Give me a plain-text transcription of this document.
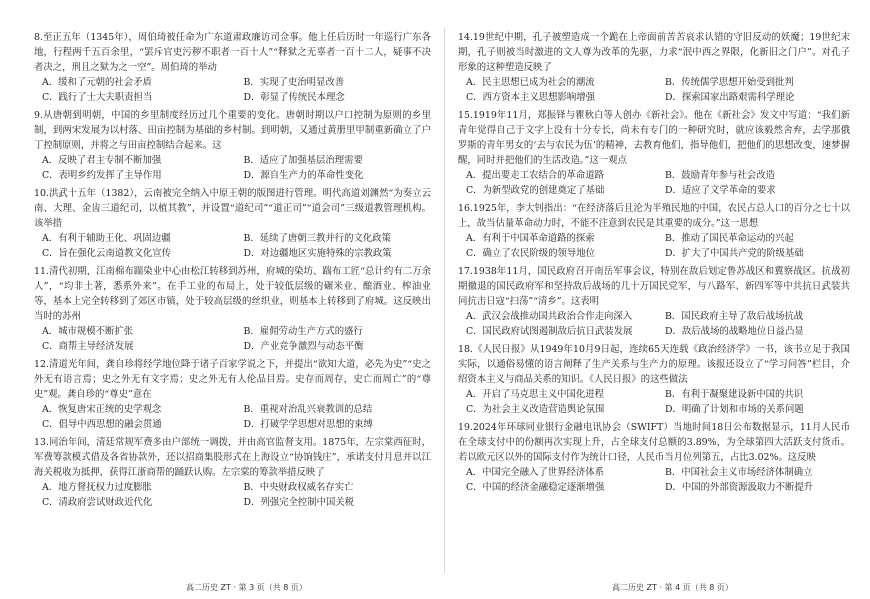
8.至正五年（1345年），周伯琦被任命为广东道肃政廉访司佥事。他上任后历时一年巡行广东各地，行程两千五百余里，“罢斥官吏污秽不职者一百十人”“释狱之无辜者一百十二人，疑事不决者决之，刑且之狱为之一空”。周伯琦的举动
A．缓和了元朝的社会矛盾	B．实现了吏治明显改善
C．践行了士大夫职责担当	D．彰显了传统民本理念
9.从唐朝到明朝，中国的乡里制度经历过几个重要的变化。唐朝时期以户口控制为原则的乡里制，到两宋发展为以村落、田亩控制为基础的乡村制。到明朝，又通过黄册里甲制重新确立了户丁控制原则，并将之与田亩控制结合起来。这
A．反映了君主专制不断加强	B．适应了加强基层治理需要
C．表明乡约发挥了主导作用	D．源自生产力的革命性变化
10.洪武十五年（1382），云南被完全纳入中原王朝的版图进行管理。明代高道刘渊然“为奏立云南、大理、金齿三道纪司，以植其教”，并设置“道纪司”“道正司”“道会司”三级道教管理机构。该举措
A．有利于辅助王化、巩固边疆	B．延续了唐朝三教并行的文化政策
C．旨在强化云南道教文化宣传	D．对边疆地区实施特殊的宗教政策
11.清代初期，江南棉布踹染业中心由松江转移到苏州，府城的染坊、踹布工匠“总计约有二万余人”，“均非土著，悉系外来”。在手工业的布局上，处于较低层级的碾米业、酿酒业、榨油业等，基本上完全转移到了郊区市镇，处于较高层级的丝织业，则基本上转移到了府城。这反映出当时的苏州
A．城市规模不断扩张	B．雇佣劳动生产方式的盛行
C．商帮主导经济发展	D．产业竞争激烈与动态平衡
12.清道光年间，龚自珍将经学地位降于诸子百家学说之下，并提出“欲知大道，必先为史”“史之外无有语言焉；史之外无有文字焉；史之外无有人伦品目焉。史存而周存，史亡而周亡”的“尊史”观。龚自珍的“尊史”意在
A．恢复唐宋正统的史学观念	B．重视对治乱兴衰教训的总结
C．倡导中西思想的融会贯通	D．打破学学思想对思想的束缚
13.同治年间，清廷常规军费多由户部统一调拨，并由高官监督支用。1875年，左宗棠西征时，军费筹款模式借及各省协款外，还以招商集股形式在上海设立“协饷钱庄”，承诺支付月息并以江海关税收为抵押，获得江浙商帮的踊跃认购。左宗棠的筹款举措反映了
A．地方督抚权力过度膨胀	B．中央财政权威名存实亡
C．清政府尝试财政近代化	D．列强完全控制中国关税
14.19世纪中期，孔子被塑造成一个跪在上帝面前苦苦哀求认错的守旧反动的妖魔；19世纪末期，孔子则被当时激进的文人尊为改革的先驱，力求“泯中西之界限，化新旧之门户”。对孔子形象的这种塑造反映了
A．民主思想已成为社会的潮流	B．传统儒学思想开始受到批判
C．西方资本主义思想影响增强	D．探索国家出路艰需科学理论
15.1919年11月，郑振铎与瞿秋白等人创办《新社会》。他在《新社会》发文中写道：“我们新青年觉得自己于文字上没有十分专长，尚未有专门的一种研究时，就应该毅然舍弃，去学那俄罗斯的青年男女的‘去与农民为伍’的精神，去教育他们，指导他们，把他们的思想改变，速梦摒醒，同时并把他们的生活改造。”这一观点
A．提出要走工农结合的革命道路	B．鼓励青年参与社会改造
C．为新型政党的创建奠定了基础	D．适应了文学革命的要求
16.1925年，李大钊指出：“在经济落后且沦为半殖民地的中国，农民占总人口的百分之七十以上，故当估量革命动力时，不能不注意到农民是其重要的成分。”这一思想
A．有利于中国革命道路的探索	B．推动了国民革命运动的兴起
C．确立了农民阶级的领导地位	D．扩大了中国共产党的阶级基础
17.1938年11月，国民政府召开南岳军事会议，特别在敌后划定鲁苏战区和冀察战区。抗战初期撤退的国民政府军和坚持敌后战场的几十万国民党军，与八路军、新四军等中共抗日武装共同抗击日寇“扫荡”“清乡”。这表明
A．武汉会战推动国共政治合作走向深入	B．国民政府主导了敌后战场抗战
C．国民政府试图遏制敌后抗日武装发展	D．敌后战场的战略地位日益凸显
18.《人民日报》从1949年10月9日起，连续65天连载《政治经济学》一书，该书立足于我国实际，以通俗易懂的语言阐释了生产关系与生产力的原理。该报还设立了“学习问答”栏目，介绍资本主义与商品关系的知识。《人民日报》的这些做法
A．开启了马克思主义中国化进程	B．有利于凝聚建设新中国的共识
C．为社会主义改造营造舆论氛围	D．明确了计划和市场的关系问题
19.2024年环球同业银行金融电讯协会（SWIFT）当地时间18日公布数据显示，11月人民币在全球支付中的份额再次实现上升，占全球支付总额的3.89%，为全球第四大活跃支付货币。若以欧元区以外的国际支付作为统计口径，人民币当月位列第五，占比3.02%。这反映
A．中国完全融入了世界经济体系	B．中国社会主义市场经济体制确立
C．中国的经济金融稳定逐渐增强	D．中国的外部资源汲取力不断提升
高二历史 ZT · 第 3 页（共 8 页）	高二历史 ZT · 第 4 页（共 8 页）
